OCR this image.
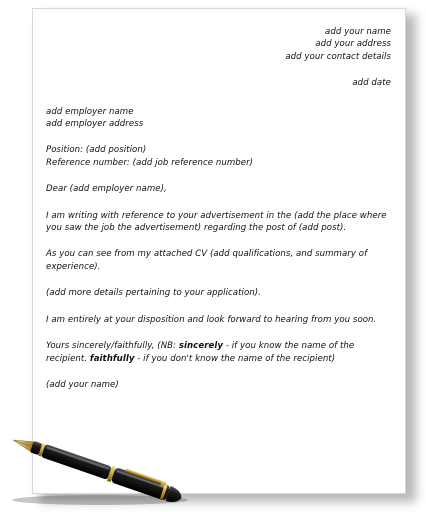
add your name
add your address
add your contact details
add date
add employer name
add employer address
Position: (add position)
Reference number: (add job reference number)
Dear (add employer name),
I am writing with reference to your advertisement in the (add the place where you saw the job the advertisement) regarding the post of (add post).
As you can see from my attached CV (add qualifications, and summary of experience).
(add more details pertaining to your application).
I am entirely at your disposition and look forward to hearing from you soon.
Yours sincerely/faithfully, (NB: sincerely - if you know the name of the recipient. faithfully - if you don't know the name of the recipient)
(add your name)
